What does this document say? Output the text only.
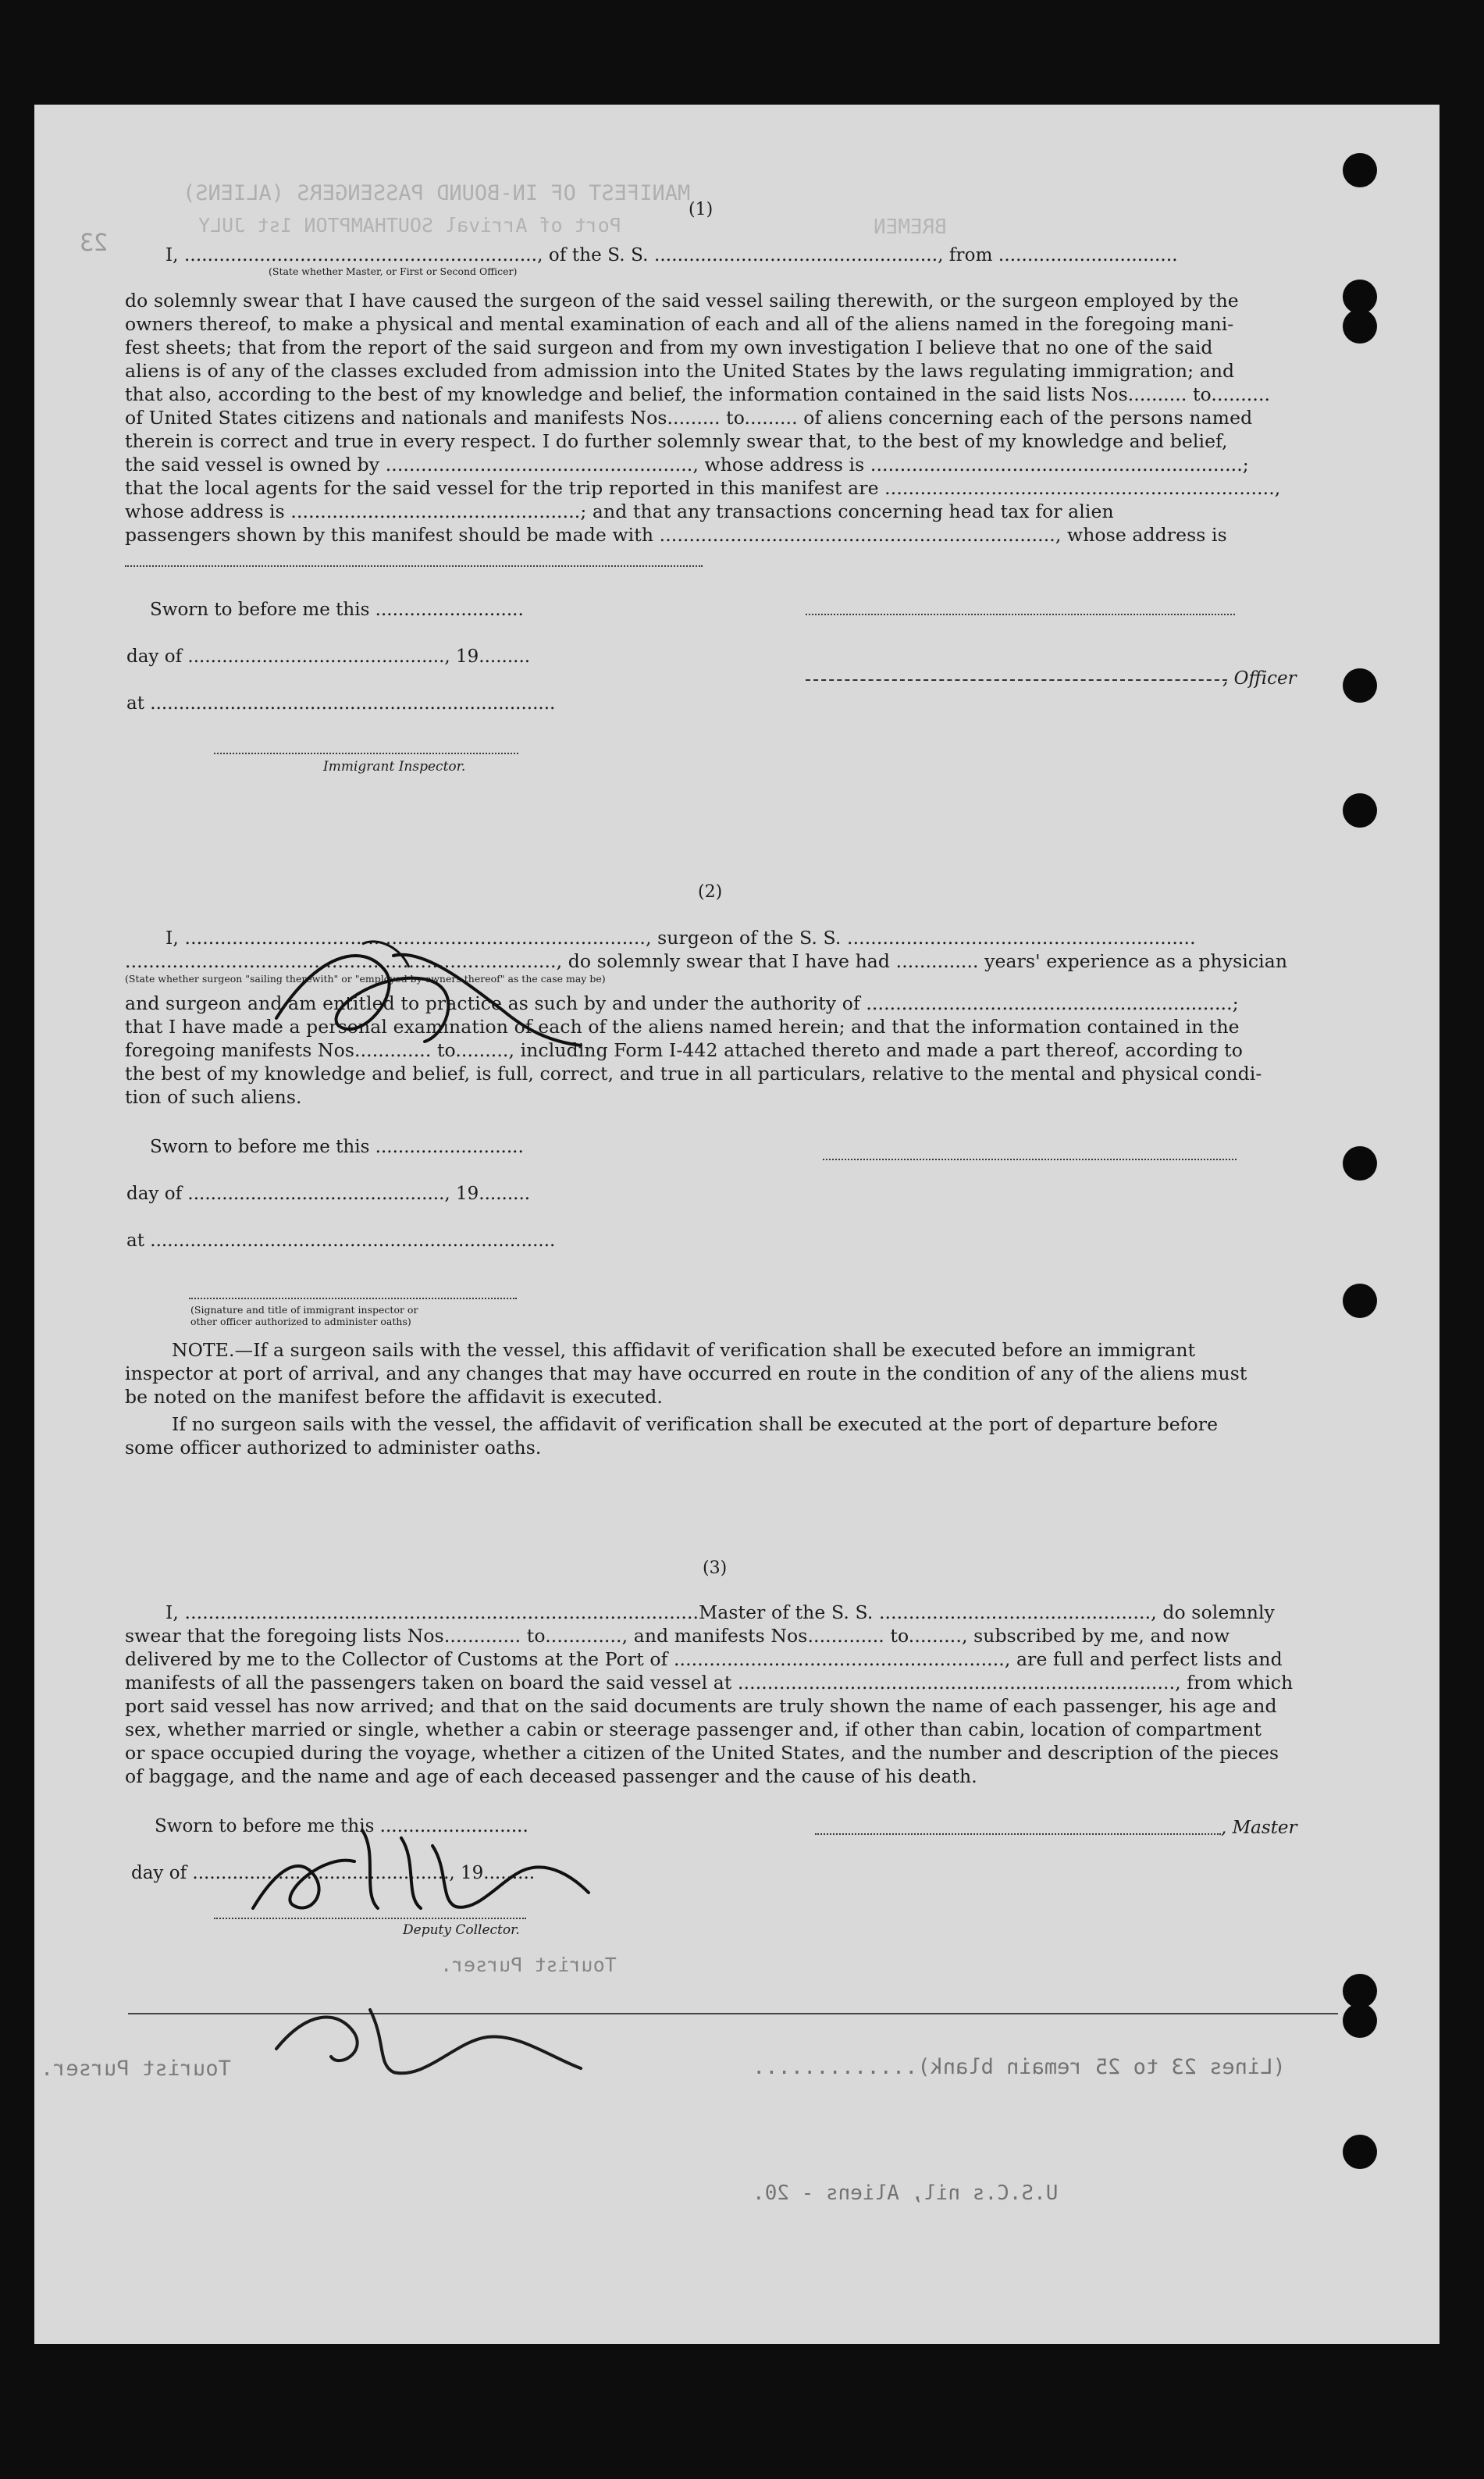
MANIFEST OF IN-BOUND PASSENGERS (ALIENS)
Port of Arrival SOUTHAMPTON 1st JULY	BREMEN
23
(1)
I, ............................................................., of the S. S. ................................................., from ...............................
(State whether Master, or First or Second Officer)
do solemnly swear that I have caused the surgeon of the said vessel sailing therewith, or the surgeon employed by the
owners thereof, to make a physical and mental examination of each and all of the aliens named in the foregoing mani-
fest sheets; that from the report of the said surgeon and from my own investigation I believe that no one of the said
aliens is of any of the classes excluded from admission into the United States by the laws regulating immigration; and
that also, according to the best of my knowledge and belief, the information contained in the said lists Nos.......... to..........
of United States citizens and nationals and manifests Nos......... to......... of aliens concerning each of the persons named
therein is correct and true in every respect. I do further solemnly swear that, to the best of my knowledge and belief,
the said vessel is owned by ...................................................., whose address is ...............................................................;
that the local agents for the said vessel for the trip reported in this manifest are ..................................................................,
whose address is .................................................; and that any transactions concerning head tax for alien
passengers shown by this manifest should be made with ..................................................................., whose address is
Sworn to before me this ..........................
day of ............................................., 19.........
at .......................................................................
Immigrant Inspector.
, Officer
(2)
I, .............................................................................., surgeon of the S. S. ...........................................................
........................................................................., do solemnly swear that I have had .............. years' experience as a physician
(State whether surgeon "sailing therewith" or "employed by owners thereof" as the case may be)
and surgeon and am entitled to practice as such by and under the authority of ..............................................................;
that I have made a personal examination of each of the aliens named herein; and that the information contained in the
foregoing manifests Nos............. to........., including Form I-442 attached thereto and made a part thereof, according to
the best of my knowledge and belief, is full, correct, and true in all particulars, relative to the mental and physical condi-
tion of such aliens.
Sworn to before me this ..........................
day of ............................................., 19.........
at .......................................................................
(Signature and title of immigrant inspector or
other officer authorized to administer oaths)
NOTE.—If a surgeon sails with the vessel, this affidavit of verification shall be executed before an immigrant
inspector at port of arrival, and any changes that may have occurred en route in the condition of any of the aliens must
be noted on the manifest before the affidavit is executed.
If no surgeon sails with the vessel, the affidavit of verification shall be executed at the port of departure before
some officer authorized to administer oaths.
(3)
I, .......................................................................................Master of the S. S. .............................................., do solemnly
swear that the foregoing lists Nos............. to............., and manifests Nos............. to........., subscribed by me, and now
delivered by me to the Collector of Customs at the Port of ........................................................, are full and perfect lists and
manifests of all the passengers taken on board the said vessel at .........................................................................., from which
port said vessel has now arrived; and that on the said documents are truly shown the name of each passenger, his age and
sex, whether married or single, whether a cabin or steerage passenger and, if other than cabin, location of compartment
or space occupied during the voyage, whether a citizen of the United States, and the number and description of the pieces
of baggage, and the name and age of each deceased passenger and the cause of his death.
Sworn to before me this ..........................
day of ............................................., 19.........
Deputy Collector.
, Master
(Lines 23 to 25 remain blank).............
Tourist Purser.
Tourist Purser.
U.S.C.s nil, Aliens - 20.
